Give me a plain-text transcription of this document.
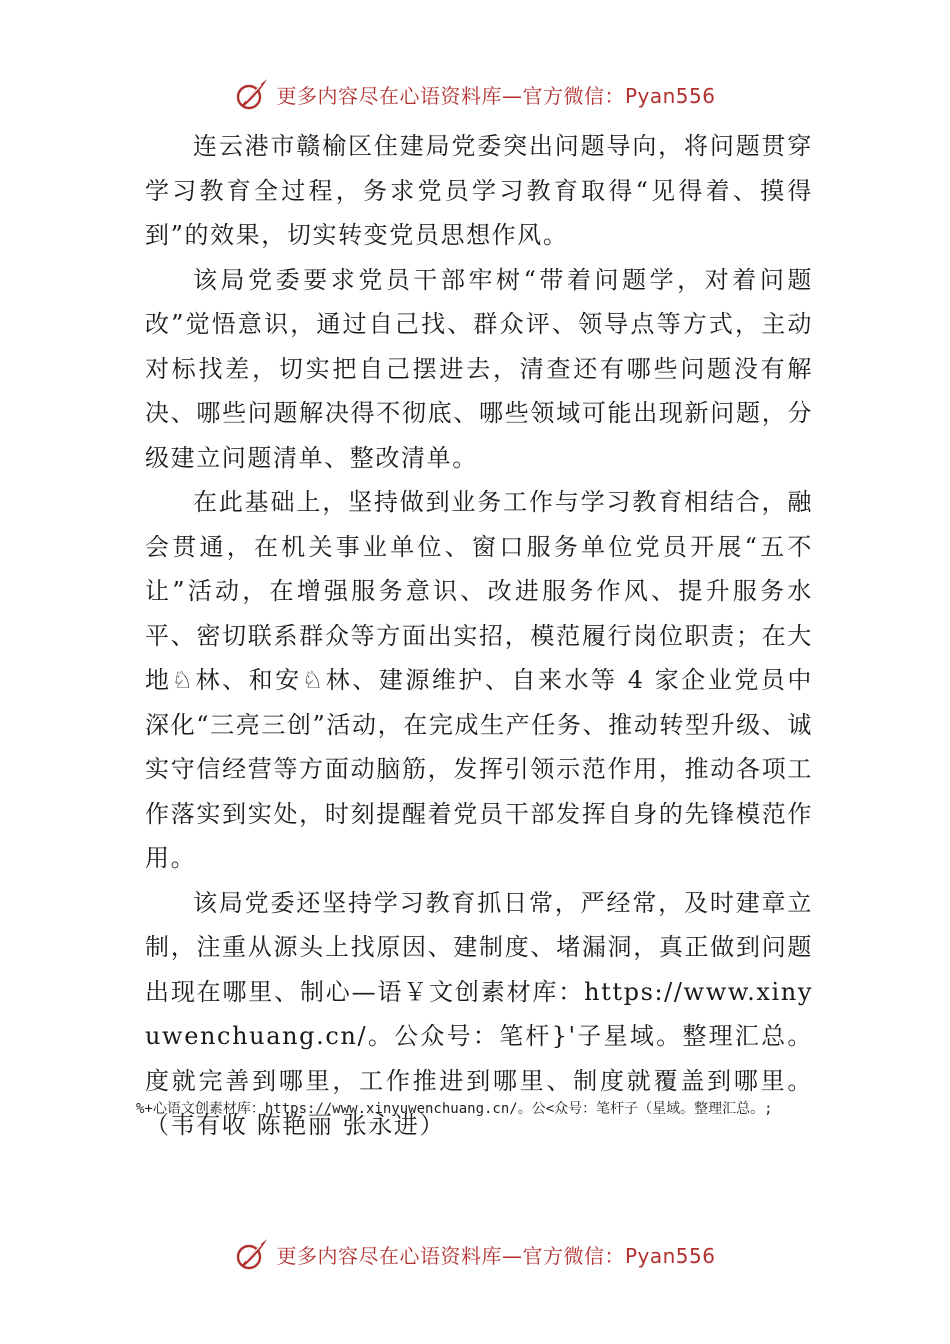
更多内容尽在心语资料库—官方微信：Pyan556

连云港市赣榆区住建局党委突出问题导向，将问题贯穿学习教育全过程，务求党员学习教育取得“见得着、摸得到”的效果，切实转变党员思想作风。

该局党委要求党员干部牢树“带着问题学，对着问题改”觉悟意识，通过自己找、群众评、领导点等方式，主动对标找差，切实把自己摆进去，清查还有哪些问题没有解决、哪些问题解决得不彻底、哪些领域可能出现新问题，分级建立问题清单、整改清单。

在此基础上，坚持做到业务工作与学习教育相结合，融会贯通，在机关事业单位、窗口服务单位党员开展“五不让”活动，在增强服务意识、改进服务作风、提升服务水平、密切联系群众等方面出实招，模范履行岗位职责；在大地♘林、和安♘林、建源维护、自来水等 4 家企业党员中深化“三亮三创”活动，在完成生产任务、推动转型升级、诚实守信经营等方面动脑筋，发挥引领示范作用，推动各项工作落实到实处，时刻提醒着党员干部发挥自身的先锋模范作用。

该局党委还坚持学习教育抓日常，严经常，及时建章立制，注重从源头上找原因、建制度、堵漏洞，真正做到问题出现在哪里、制心—语￥文创素材库：https://www.xinyuwenchuang.cn/。公众号：笔杆}'子星域。整理汇总。度就完善到哪里，工作推进到哪里、制度就覆盖到哪里。（韦有收 陈艳丽 张永进）

%+心语文创素材库：https://www.xinyuwenchuang.cn/。公<众号：笔杆子（星域。整理汇总。;

更多内容尽在心语资料库—官方微信：Pyan556
